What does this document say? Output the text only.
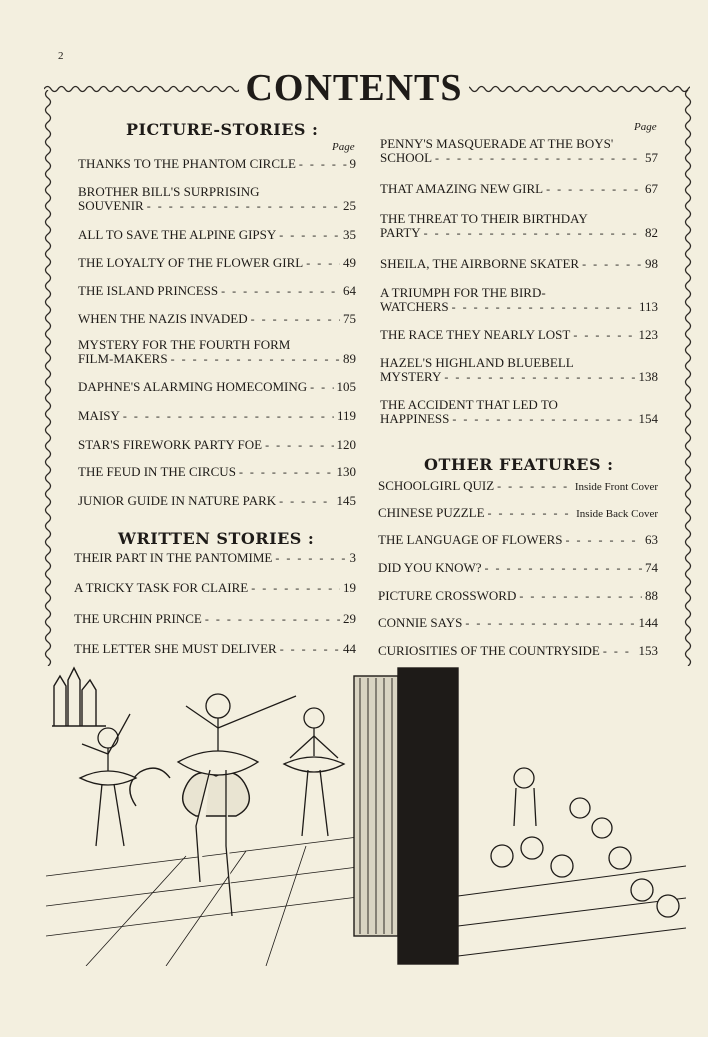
2
CONTENTS
PICTURE-STORIES :
Page
Page
THANKS TO THE PHANTOM CIRCLE - - -	9
BROTHER BILL'S SURPRISING
SOUVENIR - - -	25
ALL TO SAVE THE ALPINE GIPSY - - -	35
THE LOYALTY OF THE FLOWER GIRL - - -	49
THE ISLAND PRINCESS - - -	64
WHEN THE NAZIS INVADED - - -	75
MYSTERY FOR THE FOURTH FORM
FILM-MAKERS - - -	89
DAPHNE'S ALARMING HOMECOMING - - - 105
MAISY - - -	119
STAR'S FIREWORK PARTY FOE - - -	120
THE FEUD IN THE CIRCUS - - -	130
JUNIOR GUIDE IN NATURE PARK - - -	145
PENNY'S MASQUERADE AT THE BOYS'
SCHOOL - - -	57
THAT AMAZING NEW GIRL - - -	67
THE THREAT TO THEIR BIRTHDAY
PARTY - - -	82
SHEILA, THE AIRBORNE SKATER - - -	98
A TRIUMPH FOR THE BIRD-
WATCHERS - - -	113
THE RACE THEY NEARLY LOST - - -	123
HAZEL'S HIGHLAND BLUEBELL
MYSTERY - - -	138
THE ACCIDENT THAT LED TO
HAPPINESS - - -	154
WRITTEN STORIES :
THEIR PART IN THE PANTOMIME - - -	3
A TRICKY TASK FOR CLAIRE - - -	19
THE URCHIN PRINCE - - -	29
THE LETTER SHE MUST DELIVER - - -	44
OTHER FEATURES :
SCHOOLGIRL QUIZ - - -	Inside Front Cover
CHINESE PUZZLE - - -	Inside Back Cover
THE LANGUAGE OF FLOWERS - - -	63
DID YOU KNOW? - - -	74
PICTURE CROSSWORD - - -	88
CONNIE SAYS - - -	144
CURIOSITIES OF THE COUNTRYSIDE - - -	153
